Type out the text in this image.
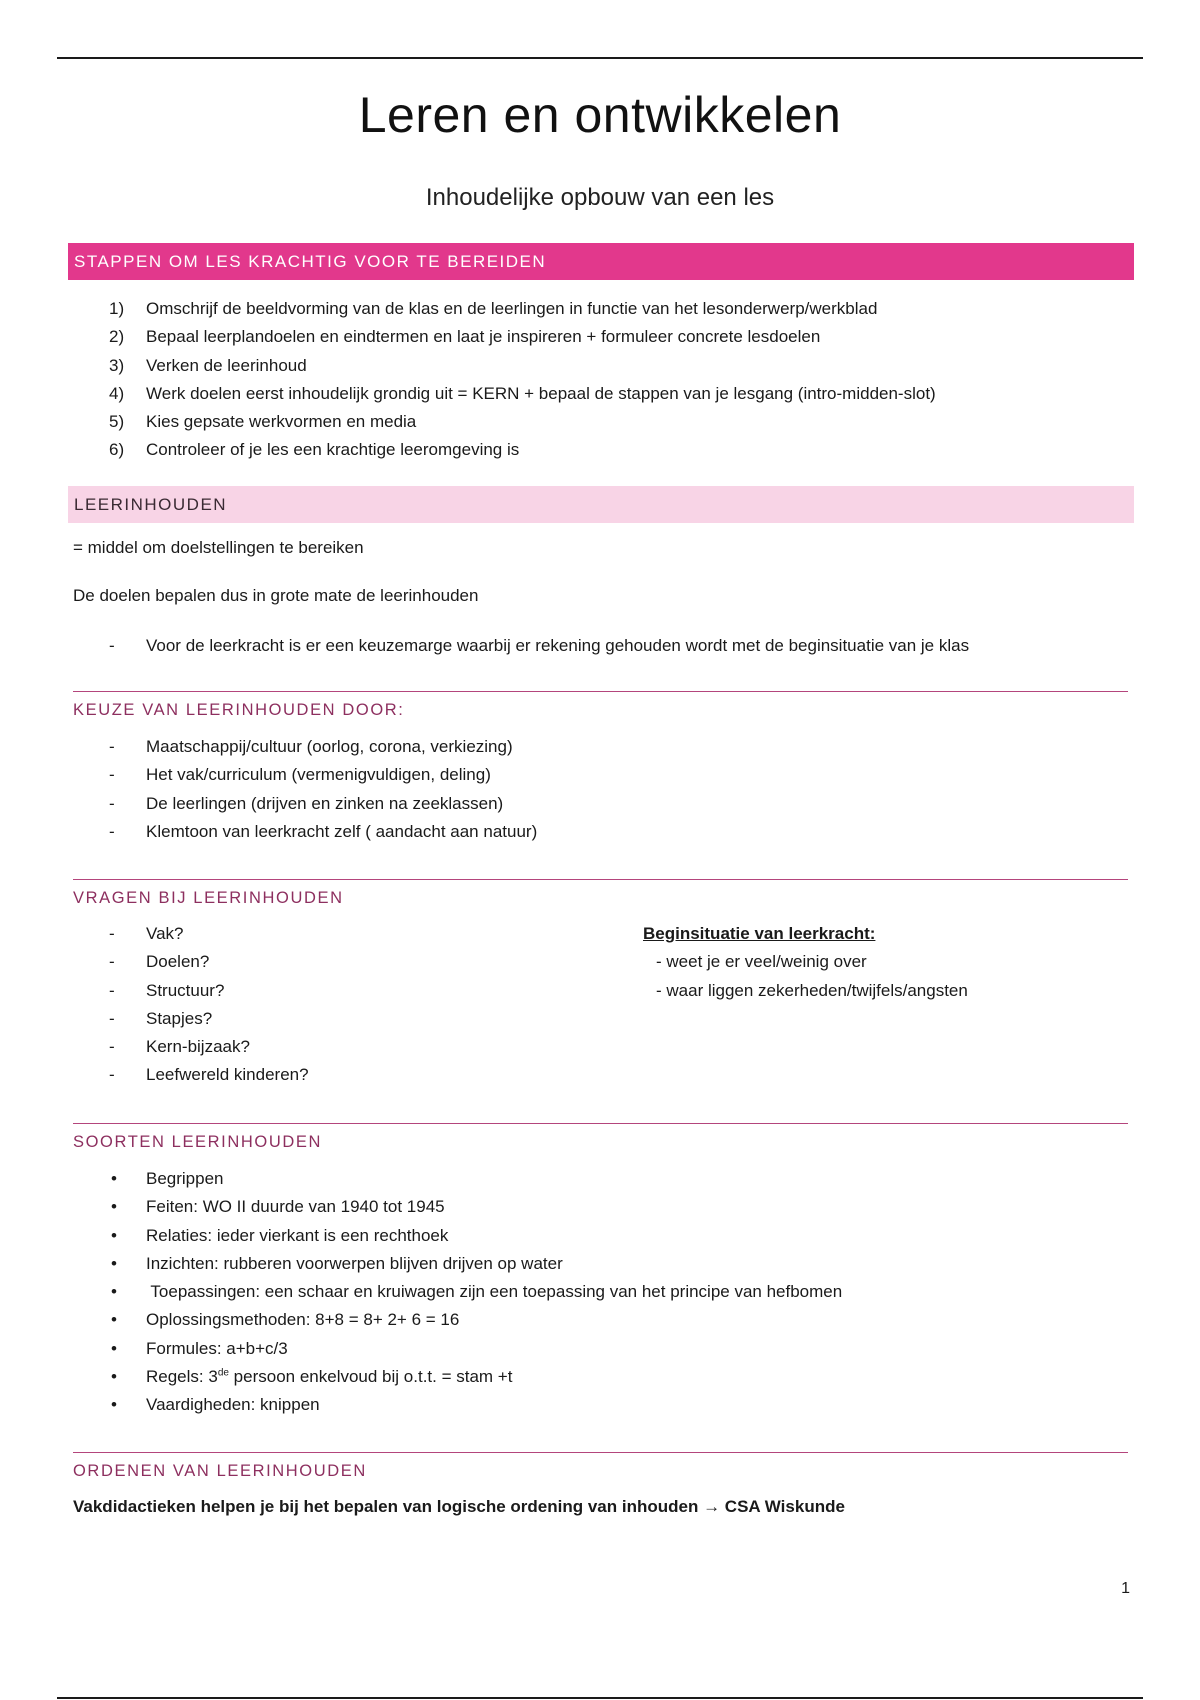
Leren en ontwikkelen
Inhoudelijke opbouw van een les
STAPPEN OM LES KRACHTIG VOOR TE BEREIDEN
1)	Omschrijf de beeldvorming van de klas en de leerlingen in functie van het lesonderwerp/werkblad
2)	Bepaal leerplandoelen en eindtermen en laat je inspireren + formuleer concrete lesdoelen
3)	Verken de leerinhoud
4)	Werk doelen eerst inhoudelijk grondig uit = KERN + bepaal de stappen van je lesgang (intro-midden-slot)
5)	Kies gepsate werkvormen en media
6)	Controleer of je les een krachtige leeromgeving is
LEERINHOUDEN
= middel om doelstellingen te bereiken
De doelen bepalen dus in grote mate de leerinhouden
-	Voor de leerkracht is er een keuzemarge waarbij er rekening gehouden wordt met de beginsituatie van je klas
KEUZE VAN LEERINHOUDEN DOOR:
-	Maatschappij/cultuur (oorlog, corona, verkiezing)
-	Het vak/curriculum (vermenigvuldigen, deling)
-	De leerlingen (drijven en zinken na zeeklassen)
-	Klemtoon van leerkracht zelf ( aandacht aan natuur)
VRAGEN BIJ LEERINHOUDEN
-	Vak?
-	Doelen?
-	Structuur?
-	Stapjes?
-	Kern-bijzaak?
-	Leefwereld kinderen?
Beginsituatie van leerkracht:
- weet je er veel/weinig over
- waar liggen zekerheden/twijfels/angsten
SOORTEN LEERINHOUDEN
• Begrippen
• Feiten: WO II duurde van 1940 tot 1945
• Relaties: ieder vierkant is een rechthoek
• Inzichten: rubberen voorwerpen blijven drijven op water
• Toepassingen: een schaar en kruiwagen zijn een toepassing van het principe van hefbomen
• Oplossingsmethoden: 8+8 = 8+ 2+ 6 = 16
• Formules: a+b+c/3
• Regels: 3de persoon enkelvoud bij o.t.t. = stam +t
• Vaardigheden: knippen
ORDENEN VAN LEERINHOUDEN
Vakdidactieken helpen je bij het bepalen van logische ordening van inhouden → CSA Wiskunde
1
